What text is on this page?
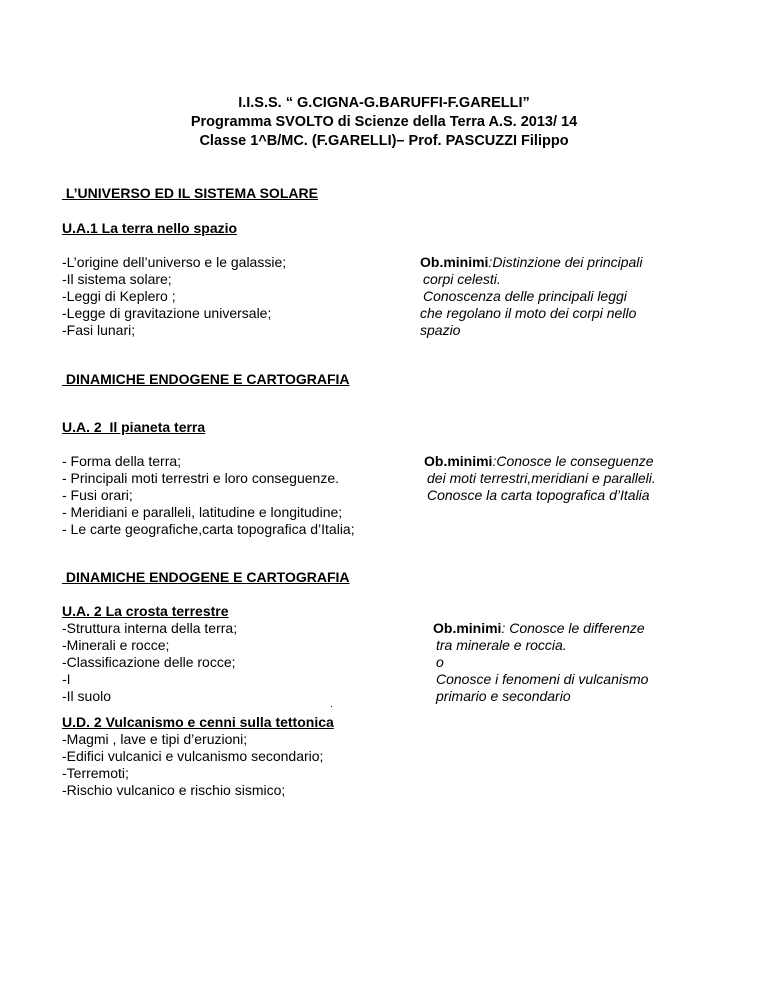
I.I.S.S. “ G.CIGNA-G.BARUFFI-F.GARELLI”
Programma SVOLTO di Scienze della Terra A.S. 2013/ 14
Classe 1^B/MC. (F.GARELLI)– Prof. PASCUZZI Filippo
L’UNIVERSO ED IL SISTEMA SOLARE
U.A.1 La terra nello spazio
-L’origine dell’universo e le galassie;
-Il sistema solare;
-Leggi di Keplero ;
-Legge di gravitazione universale;
-Fasi lunari;
Ob.minimi:Distinzione dei principali
corpi celesti.
Conoscenza delle principali leggi
che regolano il moto dei corpi nello
spazio
DINAMICHE ENDOGENE E CARTOGRAFIA
U.A. 2  Il pianeta terra
- Forma della terra;
- Principali moti terrestri e loro conseguenze.
- Fusi orari;
- Meridiani e paralleli, latitudine e longitudine;
- Le carte geografiche,carta topografica d’Italia;
Ob.minimi:Conosce le conseguenze
dei moti terrestri,meridiani e paralleli.
Conosce la carta topografica d’Italia
DINAMICHE ENDOGENE E CARTOGRAFIA
U.A. 2 La crosta terrestre
-Struttura interna della terra;
-Minerali e rocce;
-Classificazione delle rocce;
-I
-Il suolo
Ob.minimi: Conosce le differenze
tra minerale e roccia.
o
Conosce i fenomeni di vulcanismo
primario e secondario
.
U.D. 2 Vulcanismo e cenni sulla tettonica
-Magmi , lave e tipi d’eruzioni;
-Edifici vulcanici e vulcanismo secondario;
-Terremoti;
-Rischio vulcanico e rischio sismico;
